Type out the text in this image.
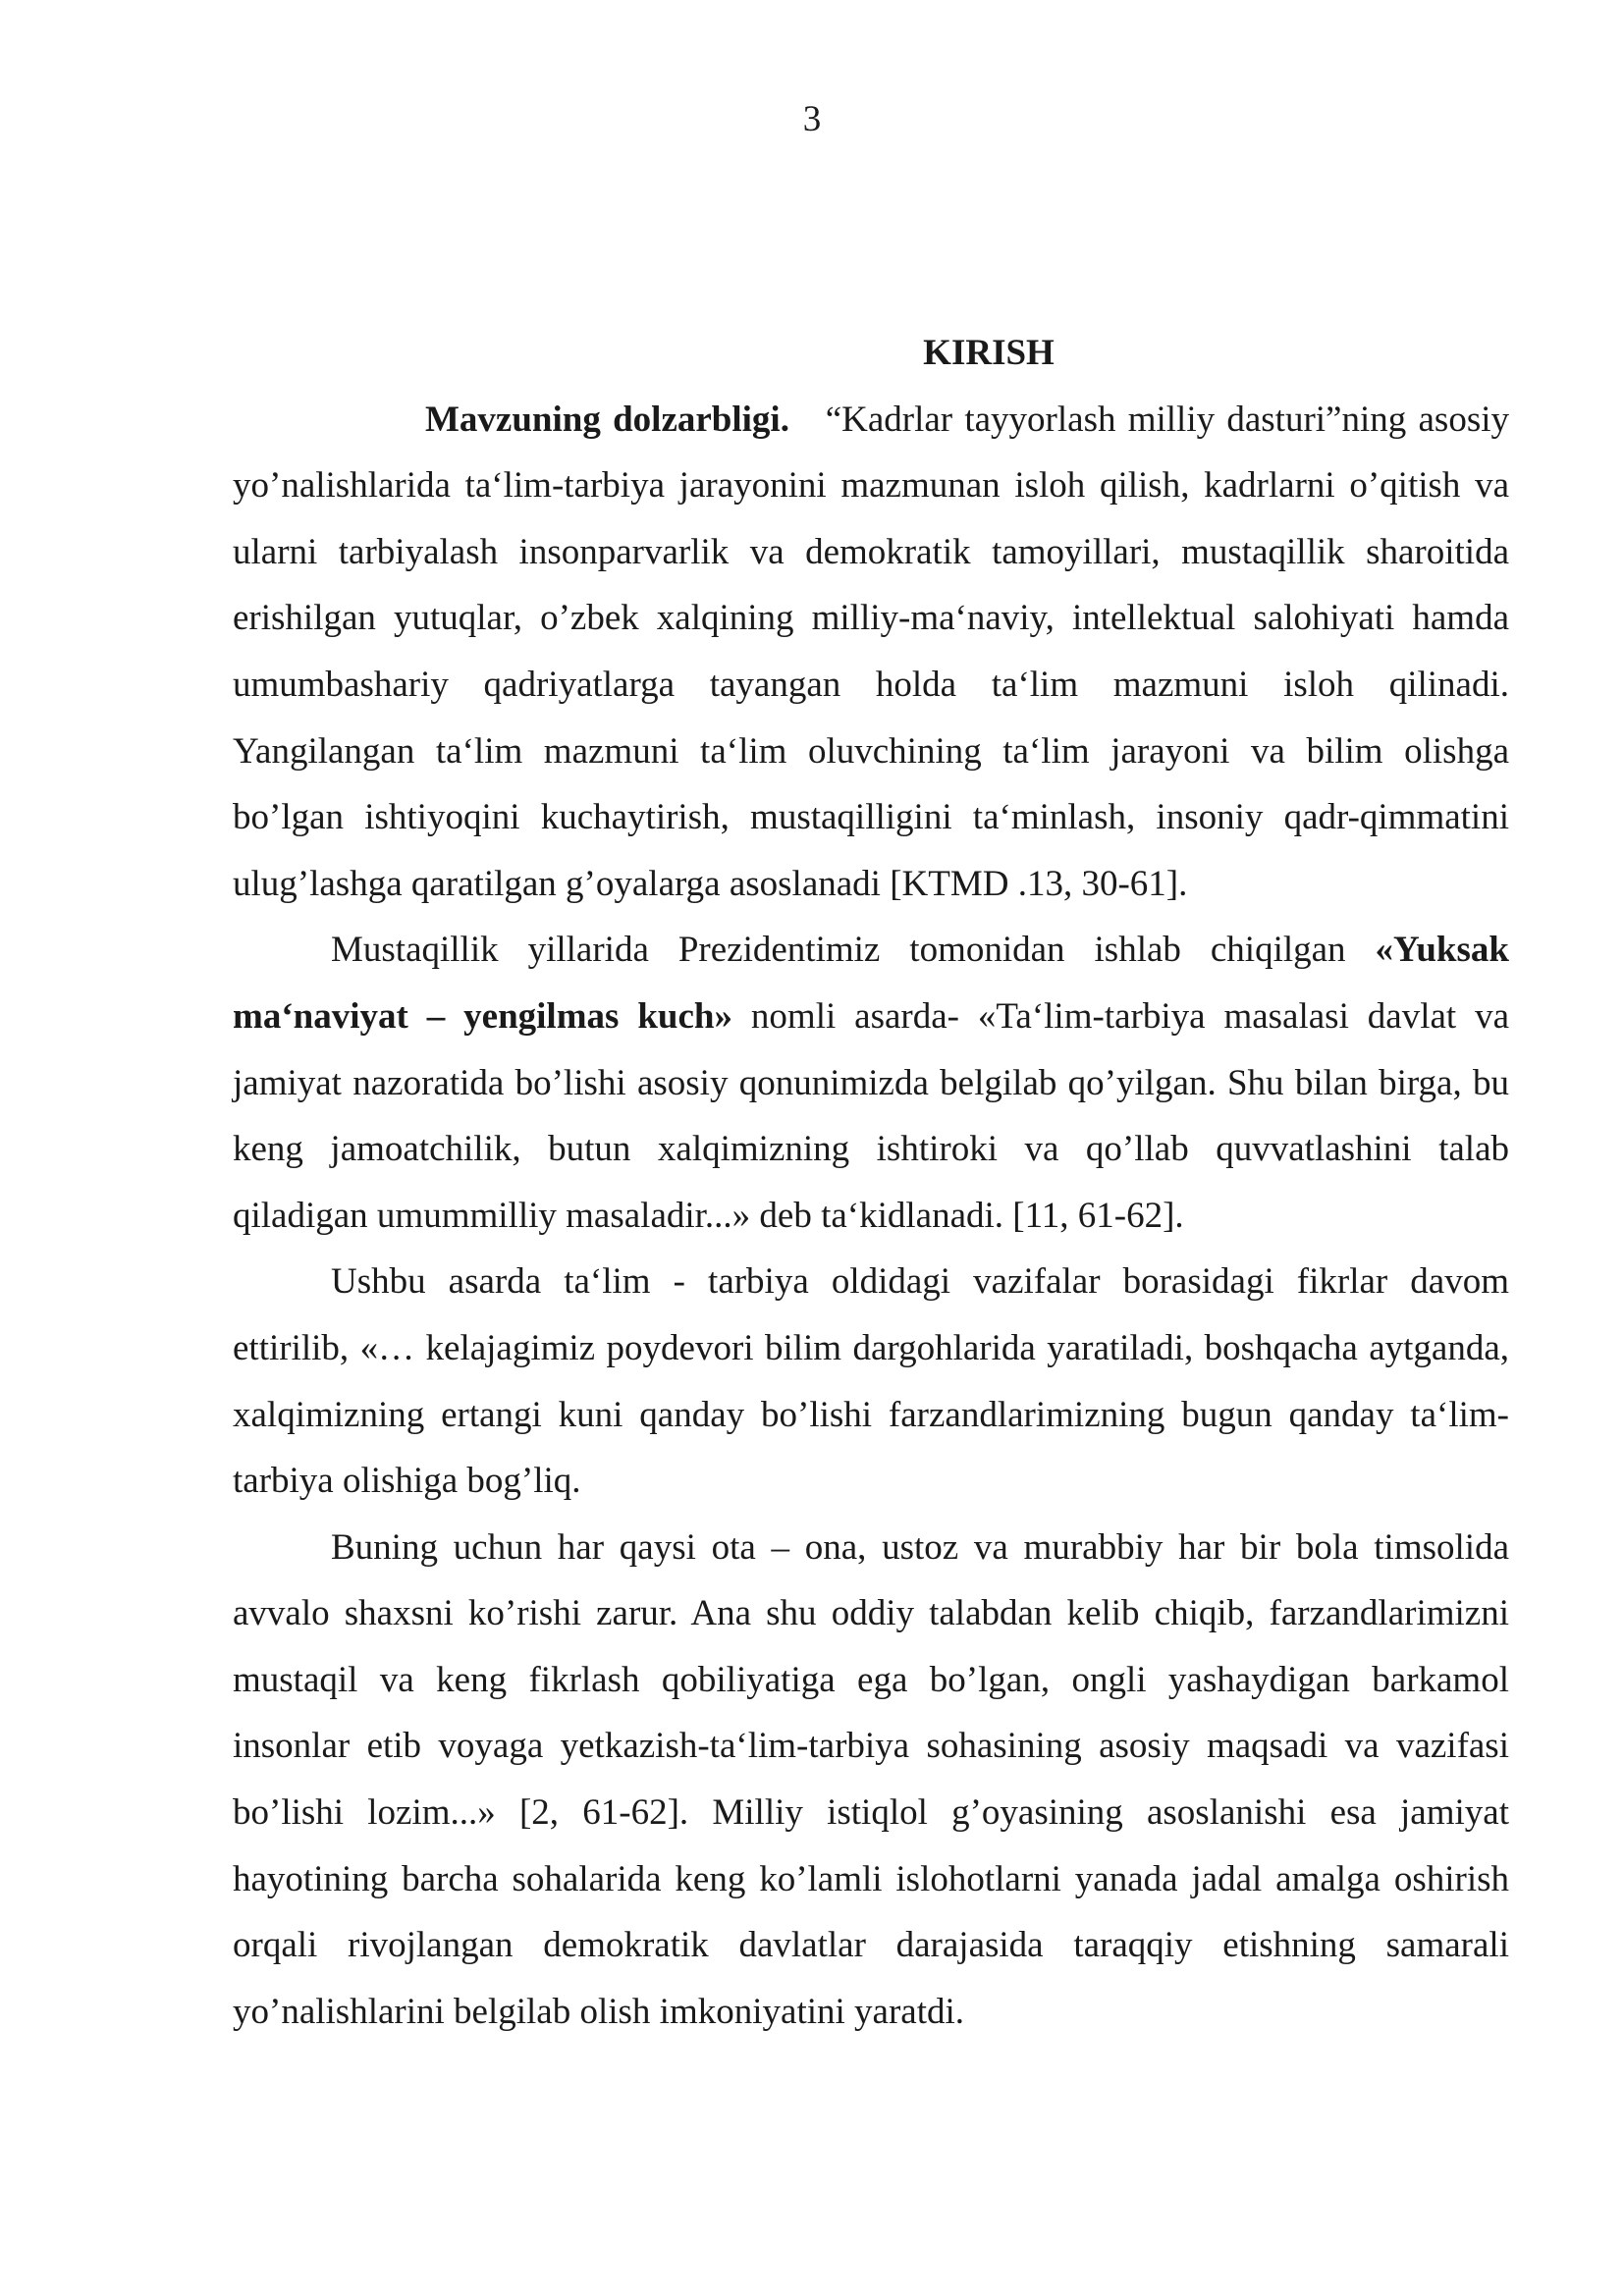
3
KIRISH

Mavzuning dolzarbligi. “Kadrlar tayyorlash milliy dasturi”ning asosiy yo’nalishlarida ta‘lim-tarbiya jarayonini mazmunan isloh qilish, kadrlarni o’qitish va ularni tarbiyalash insonparvarlik va demokratik tamoyillari, mustaqillik sharoitida erishilgan yutuqlar, o’zbek xalqining milliy-ma‘naviy, intellektual salohiyati hamda umumbashariy qadriyatlarga tayangan holda ta‘lim mazmuni isloh qilinadi. Yangilangan ta‘lim mazmuni ta‘lim oluvchining ta‘lim jarayoni va bilim olishga bo’lgan ishtiyoqini kuchaytirish, mustaqilligini ta‘minlash, insoniy qadr-qimmatini ulug’lashga qaratilgan g’oyalarga asoslanadi [KTMD .13, 30-61].

Mustaqillik yillarida Prezidentimiz tomonidan ishlab chiqilgan «Yuksak ma‘naviyat – yengilmas kuch» nomli asarda- «Ta‘lim-tarbiya masalasi davlat va jamiyat nazoratida bo’lishi asosiy qonunimizda belgilab qo’yilgan. Shu bilan birga, bu keng jamoatchilik, butun xalqimizning ishtiroki va qo’llab quvvatlashini talab qiladigan umummilliy masaladir...» deb ta‘kidlanadi. [11, 61-62].

Ushbu asarda ta‘lim - tarbiya oldidagi vazifalar borasidagi fikrlar davom ettirilib, «… kelajagimiz poydevori bilim dargohlarida yaratiladi, boshqacha aytganda, xalqimizning ertangi kuni qanday bo’lishi farzandlarimizning bugun qanday ta‘lim-tarbiya olishiga bog’liq.

Buning uchun har qaysi ota – ona, ustoz va murabbiy har bir bola timsolida avvalo shaxsni ko’rishi zarur. Ana shu oddiy talabdan kelib chiqib, farzandlarimizni mustaqil va keng fikrlash qobiliyatiga ega bo’lgan, ongli yashaydigan barkamol insonlar etib voyaga yetkazish-ta‘lim-tarbiya sohasining asosiy maqsadi va vazifasi bo’lishi lozim...» [2, 61-62]. Milliy istiqlol g’oyasining asoslanishi esa jamiyat hayotining barcha sohalarida keng ko’lamli islohotlarni yanada jadal amalga oshirish orqali rivojlangan demokratik davlatlar darajasida taraqqiy etishning samarali yo’nalishlarini belgilab olish imkoniyatini yaratdi.
